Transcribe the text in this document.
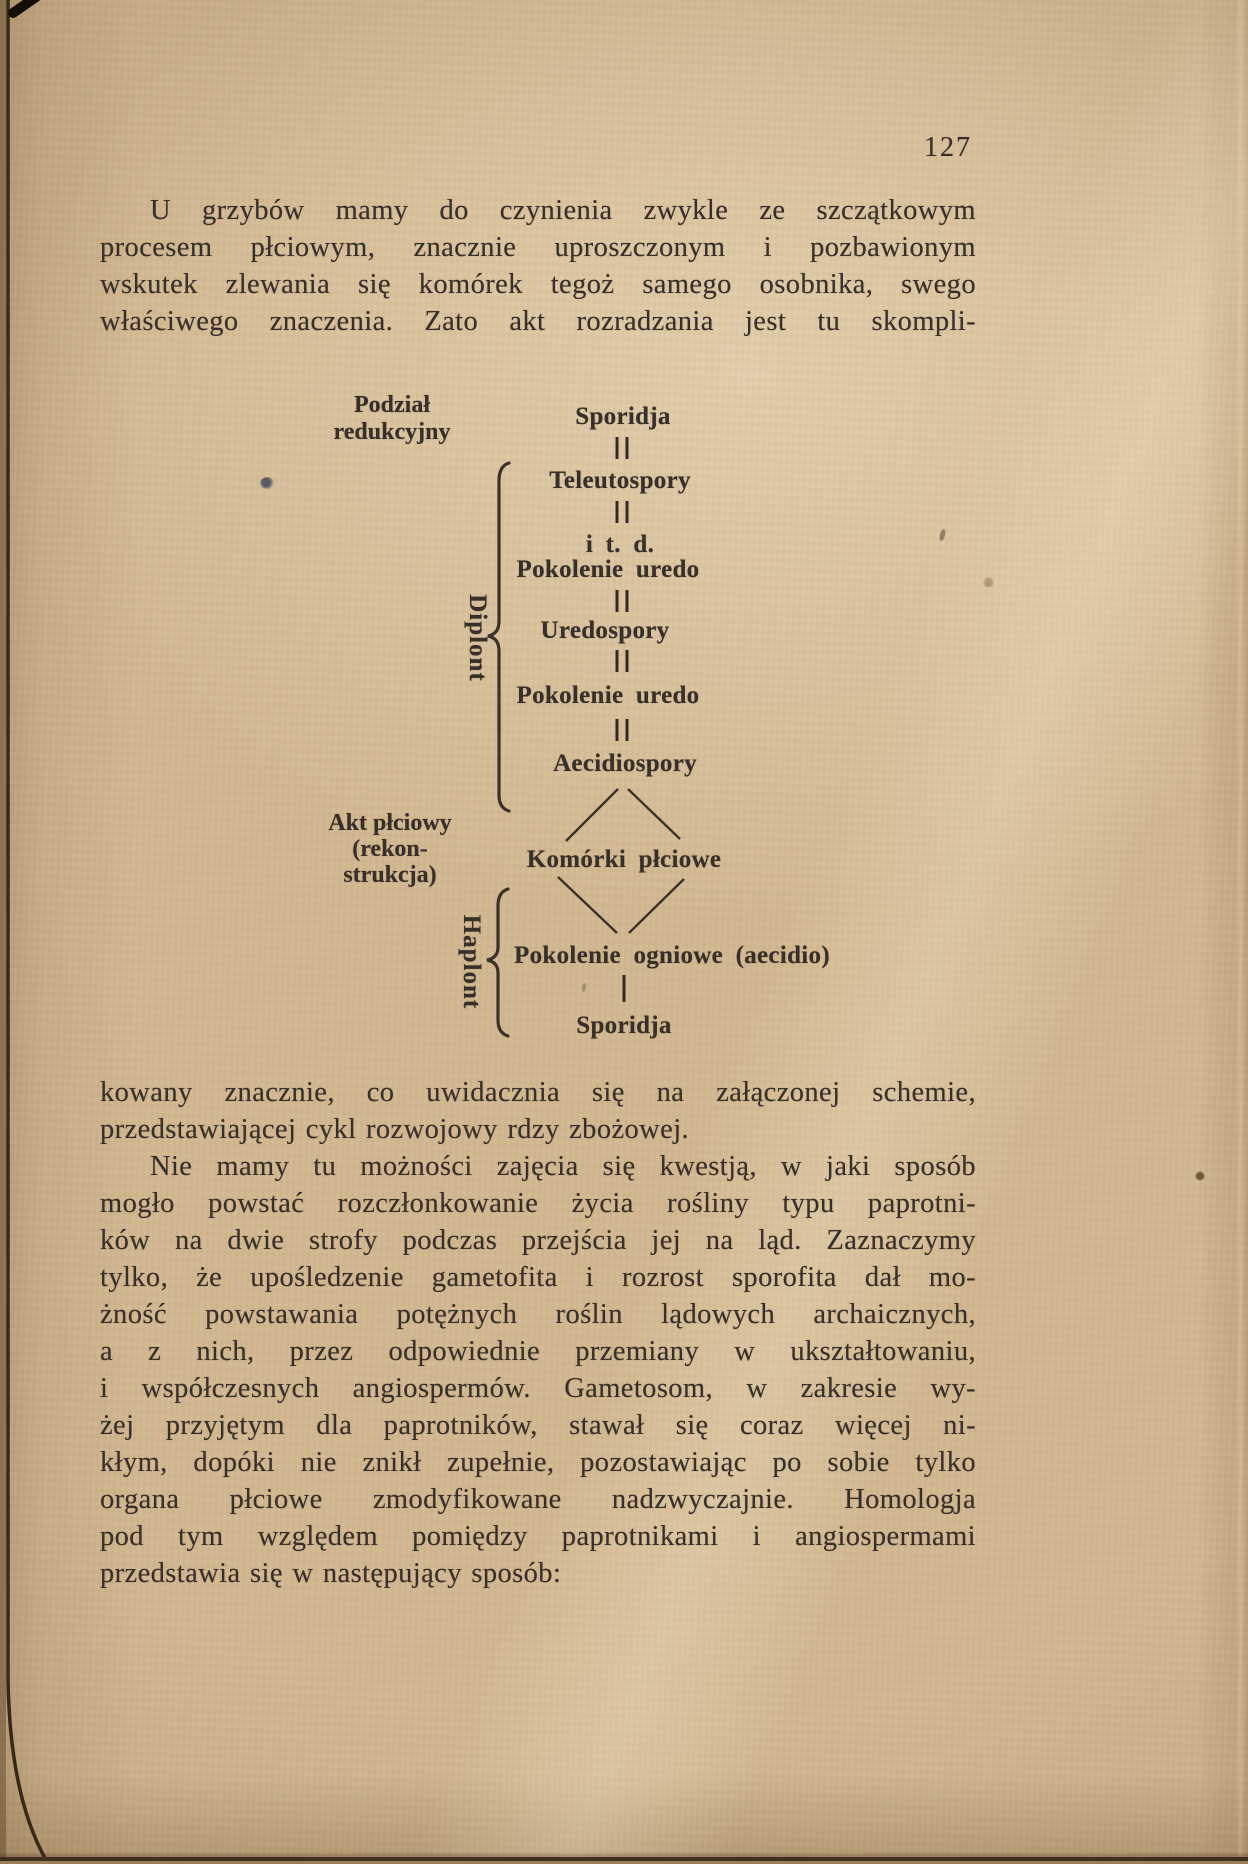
127
U grzybów mamy do czynienia zwykle ze szczątkowym
procesem płciowym, znacznie uproszczonym i pozbawionym
wskutek zlewania się komórek tegoż samego osobnika, swego
właściwego znaczenia. Zato akt rozradzania jest tu skompli-
Podział
redukcyjny
Akt płciowy
(rekon-
strukcja)
Diplont
Haplont
Sporidja
Teleutospory
i t. d.
Pokolenie uredo
Uredospory
Pokolenie uredo
Aecidiospory
Komórki płciowe
Pokolenie ogniowe (aecidio)
Sporidja
kowany znacznie, co uwidacznia się na załączonej schemie,
przedstawiającej cykl rozwojowy rdzy zbożowej.
Nie mamy tu możności zajęcia się kwestją, w jaki sposób
mogło powstać rozczłonkowanie życia rośliny typu paprotni-
ków na dwie strofy podczas przejścia jej na ląd. Zaznaczymy
tylko, że upośledzenie gametofita i rozrost sporofita dał mo-
żność powstawania potężnych roślin lądowych archaicznych,
a z nich, przez odpowiednie przemiany w ukształtowaniu,
i współczesnych angiospermów. Gametosom, w zakresie wy-
żej przyjętym dla paprotników, stawał się coraz więcej ni-
kłym, dopóki nie znikł zupełnie, pozostawiając po sobie tylko
organa płciowe zmodyfikowane nadzwyczajnie. Homologja
pod tym względem pomiędzy paprotnikami i angiospermami
przedstawia się w następujący sposób:
